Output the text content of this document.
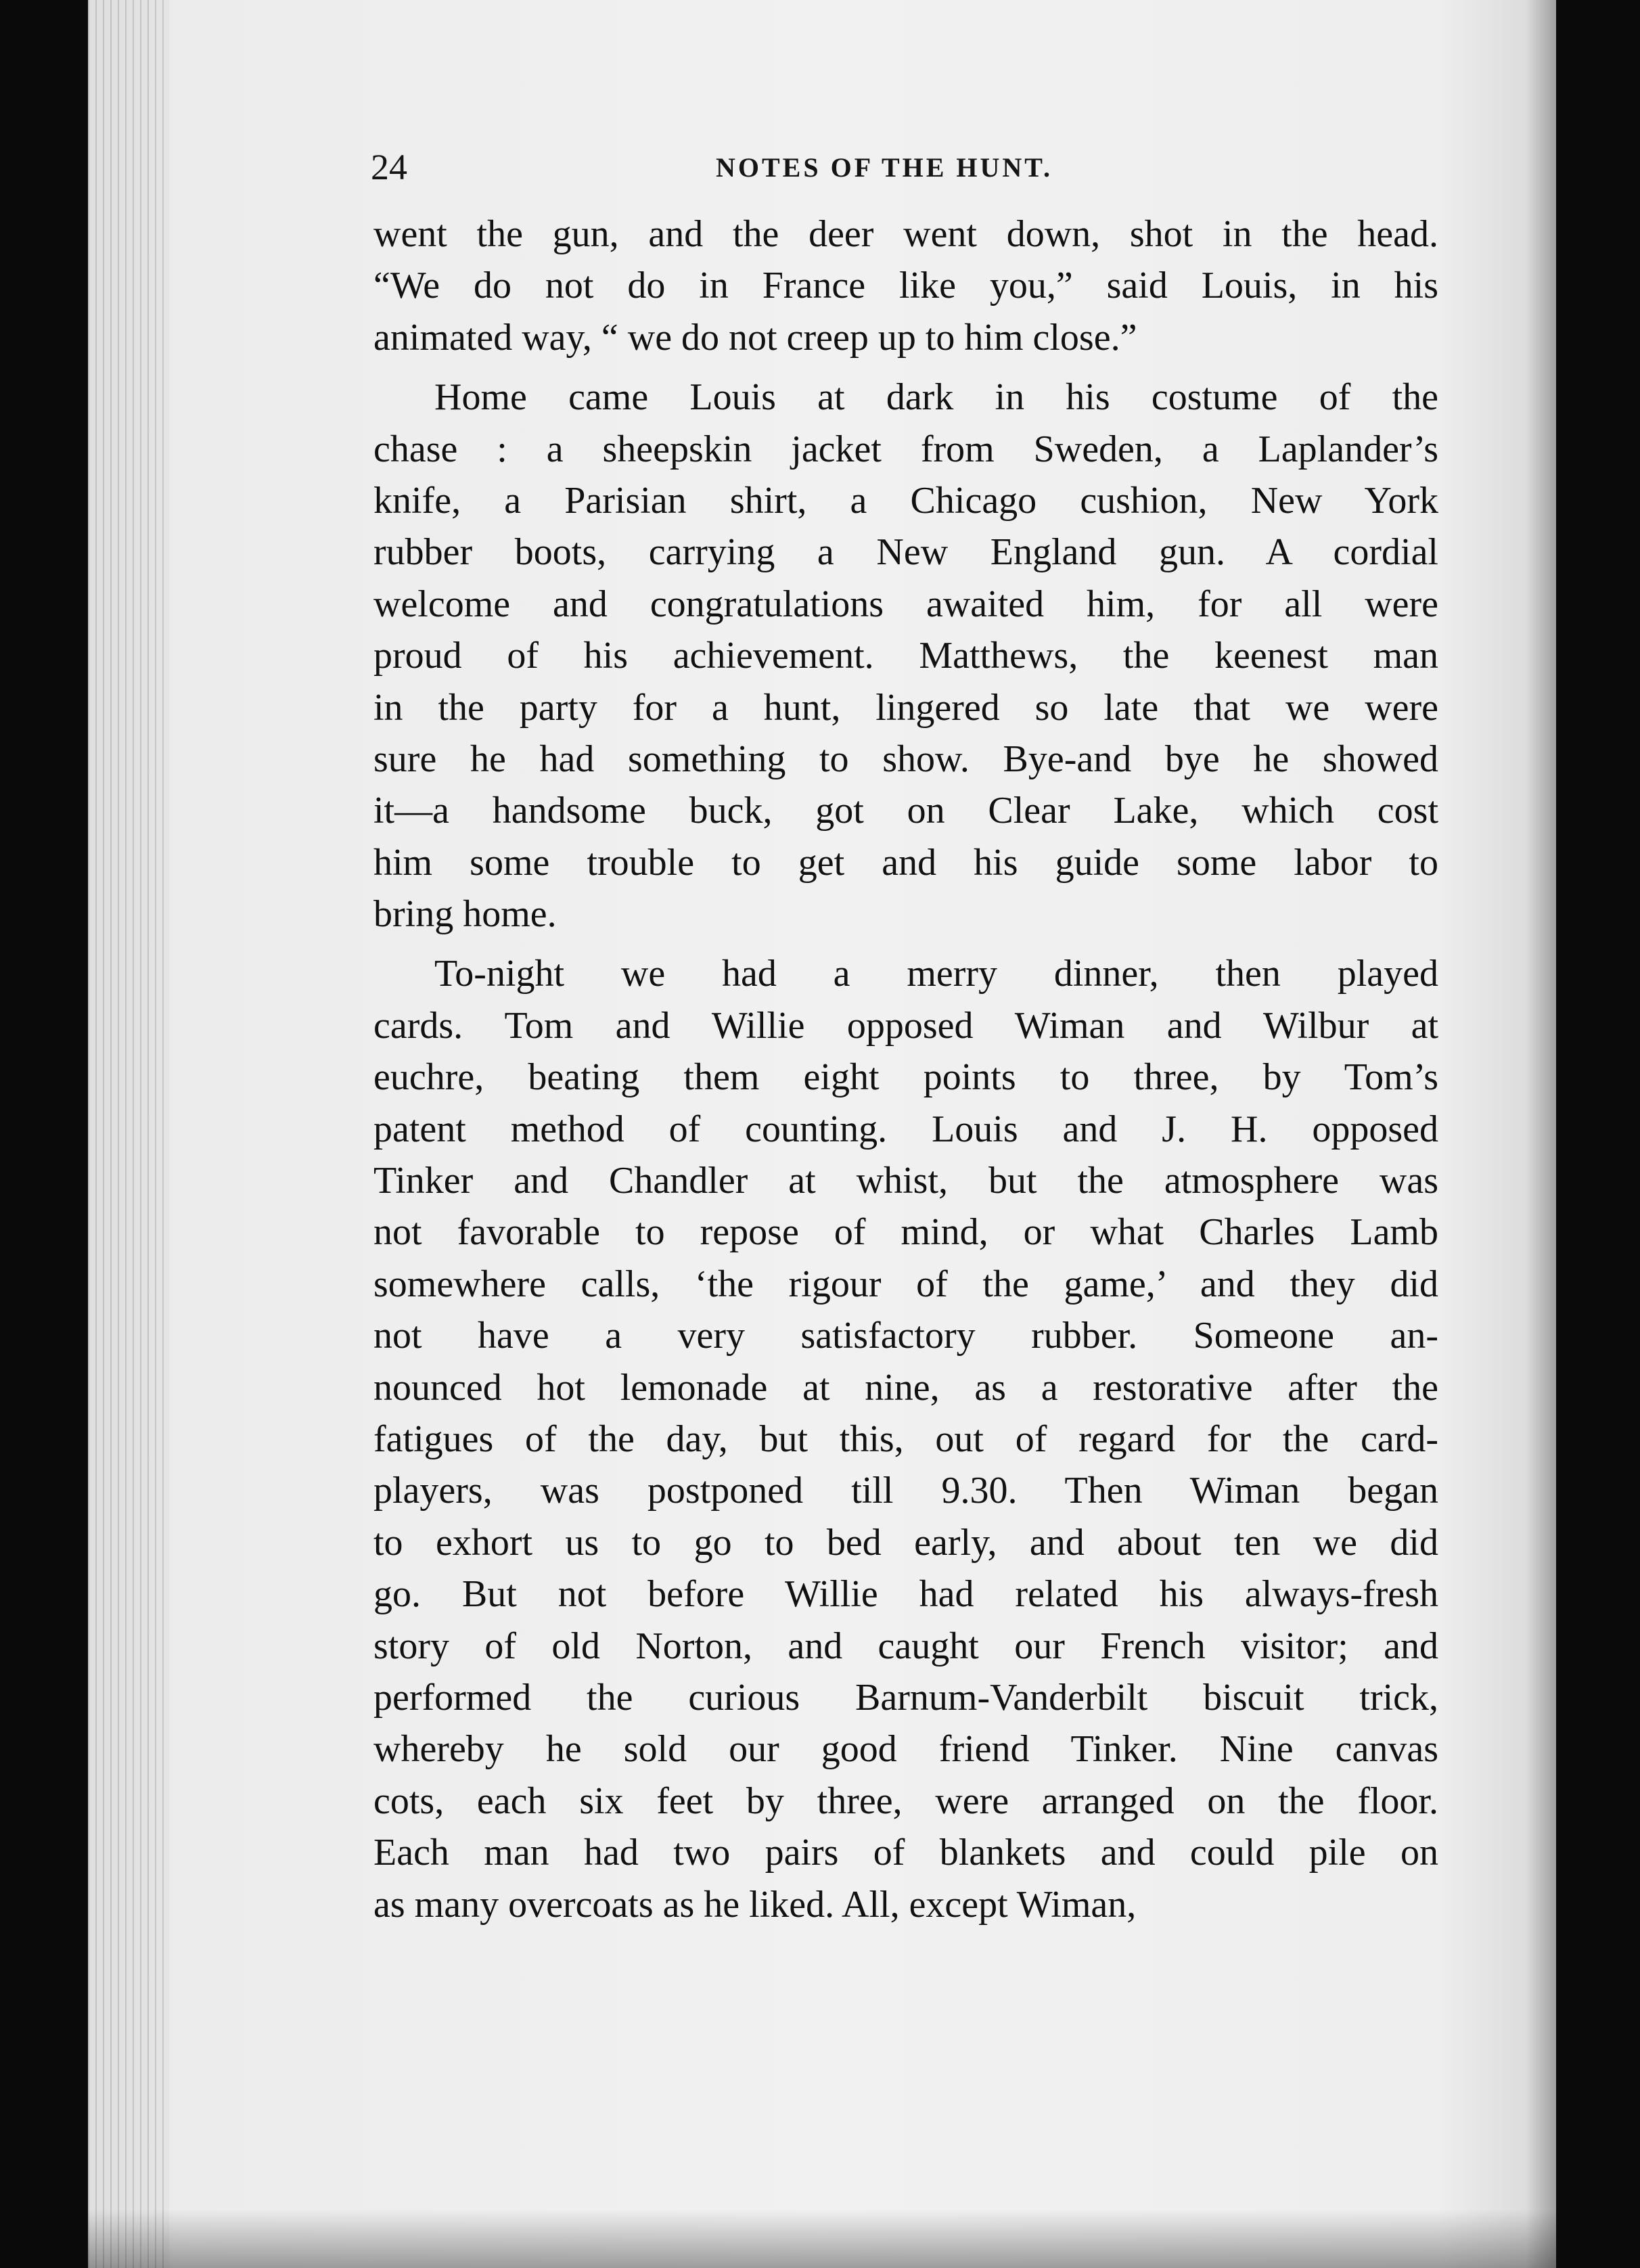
24	NOTES OF THE HUNT.
went the gun, and the deer went down, shot in the head.
“We do not do in France like you,” said Louis, in his
animated way, “ we do not creep up to him close.”
Home came Louis at dark in his costume of the
chase : a sheepskin jacket from Sweden, a Laplander’s
knife, a Parisian shirt, a Chicago cushion, New York
rubber boots, carrying a New England gun. A cordial
welcome and congratulations awaited him, for all were
proud of his achievement. Matthews, the keenest man
in the party for a hunt, lingered so late that we were
sure he had something to show. Bye-and bye he showed
it—a handsome buck, got on Clear Lake, which cost
him some trouble to get and his guide some labor to
bring home.
To-night we had a merry dinner, then played
cards. Tom and Willie opposed Wiman and Wilbur at
euchre, beating them eight points to three, by Tom’s
patent method of counting. Louis and J. H. opposed
Tinker and Chandler at whist, but the atmosphere was
not favorable to repose of mind, or what Charles Lamb
somewhere calls, ‘the rigour of the game,’ and they did
not have a very satisfactory rubber. Someone an-
nounced hot lemonade at nine, as a restorative after the
fatigues of the day, but this, out of regard for the card-
players, was postponed till 9.30. Then Wiman began
to exhort us to go to bed early, and about ten we did
go. But not before Willie had related his always-fresh
story of old Norton, and caught our French visitor; and
performed the curious Barnum-Vanderbilt biscuit trick,
whereby he sold our good friend Tinker. Nine canvas
cots, each six feet by three, were arranged on the floor.
Each man had two pairs of blankets and could pile on
as many overcoats as he liked. All, except Wiman,
